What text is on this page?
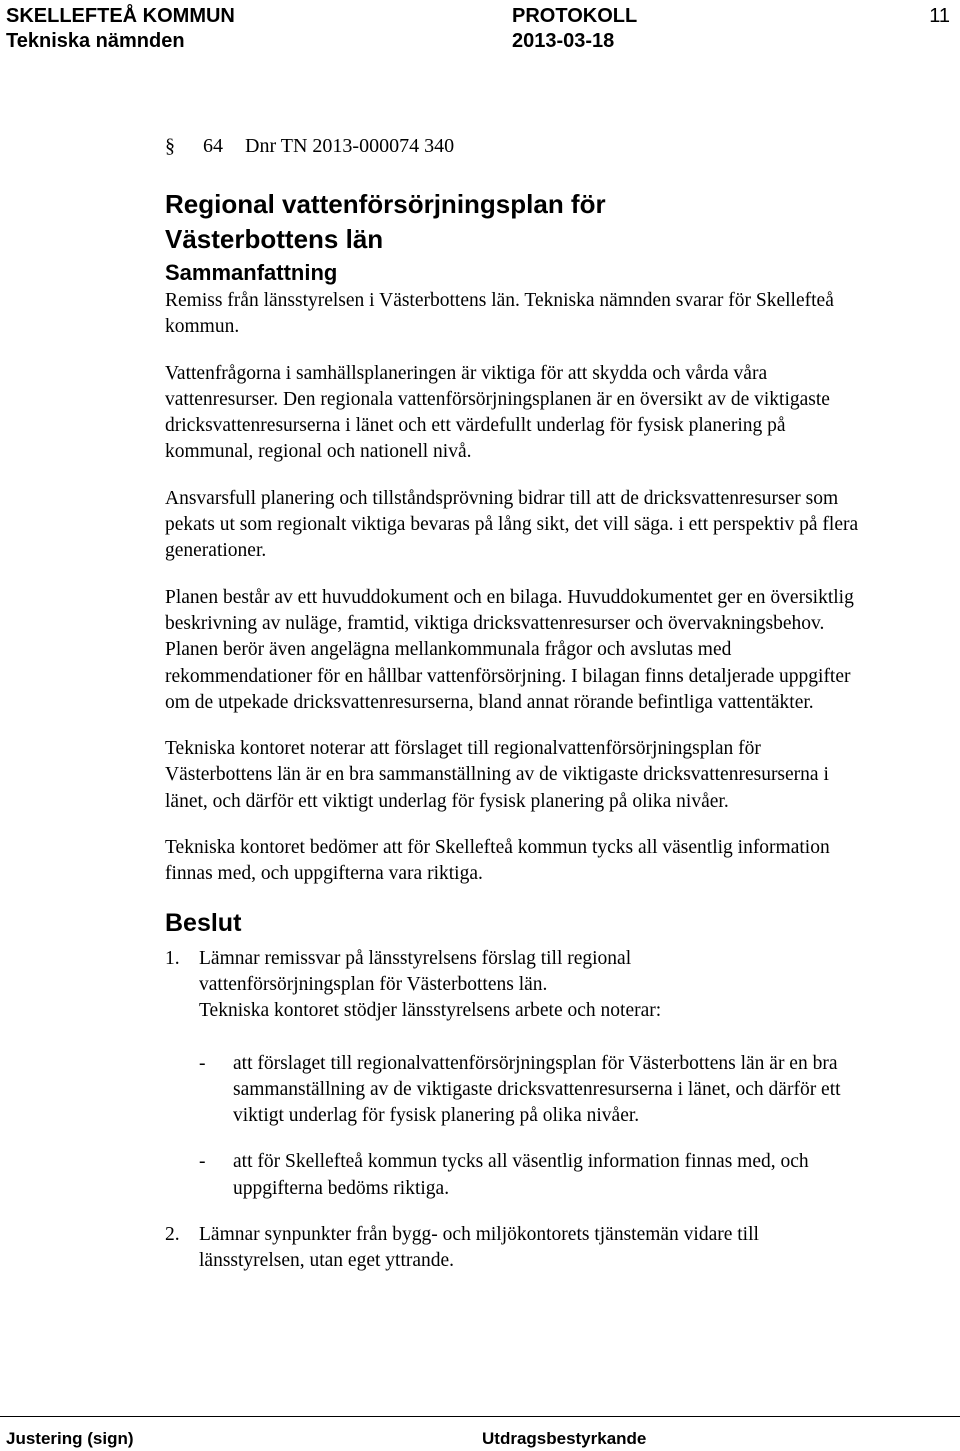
SKELLEFTEÅ KOMMUN	PROTOKOLL	11
Tekniska nämnden	2013-03-18
§ 64 Dnr TN 2013-000074 340
Regional vattenförsörjningsplan för Västerbottens län
Sammanfattning

Remiss från länsstyrelsen i Västerbottens län. Tekniska nämnden svarar för Skellefteå kommun.

Vattenfrågorna i samhällsplaneringen är viktiga för att skydda och vårda våra vattenresurser. Den regionala vattenförsörjningsplanen är en översikt av de viktigaste dricksvattenresurserna i länet och ett värdefullt underlag för fysisk planering på kommunal, regional och nationell nivå.

Ansvarsfull planering och tillståndsprövning bidrar till att de dricksvattenresurser som pekats ut som regionalt viktiga bevaras på lång sikt, det vill säga. i ett perspektiv på flera generationer.

Planen består av ett huvuddokument och en bilaga. Huvuddokumentet ger en översiktlig beskrivning av nuläge, framtid, viktiga dricksvattenresurser och övervakningsbehov. Planen berör även angelägna mellankommunala frågor och avslutas med rekommendationer för en hållbar vattenförsörjning. I bilagan finns detaljerade uppgifter om de utpekade dricksvattenresurserna, bland annat rörande befintliga vattentäkter.

Tekniska kontoret noterar att förslaget till regionalvattenförsörjningsplan för Västerbottens län är en bra sammanställning av de viktigaste dricksvattenresurserna i länet, och därför ett viktigt underlag för fysisk planering på olika nivåer.

Tekniska kontoret bedömer att för Skellefteå kommun tycks all väsentlig information finnas med, och uppgifterna vara riktiga.

Beslut
1. Lämnar remissvar på länsstyrelsens förslag till regional
vattenförsörjningsplan för Västerbottens län.
Tekniska kontoret stödjer länsstyrelsens arbete och noterar:
- att förslaget till regionalvattenförsörjningsplan för Västerbottens län är en bra sammanställning av de viktigaste dricksvattenresurserna i länet, och därför ett viktigt underlag för fysisk planering på olika nivåer.
- att för Skellefteå kommun tycks all väsentlig information finnas med, och uppgifterna bedöms riktiga.
2. Lämnar synpunkter från bygg- och miljökontorets tjänstemän vidare till länsstyrelsen, utan eget yttrande.
Justering (sign)	Utdragsbestyrkande
